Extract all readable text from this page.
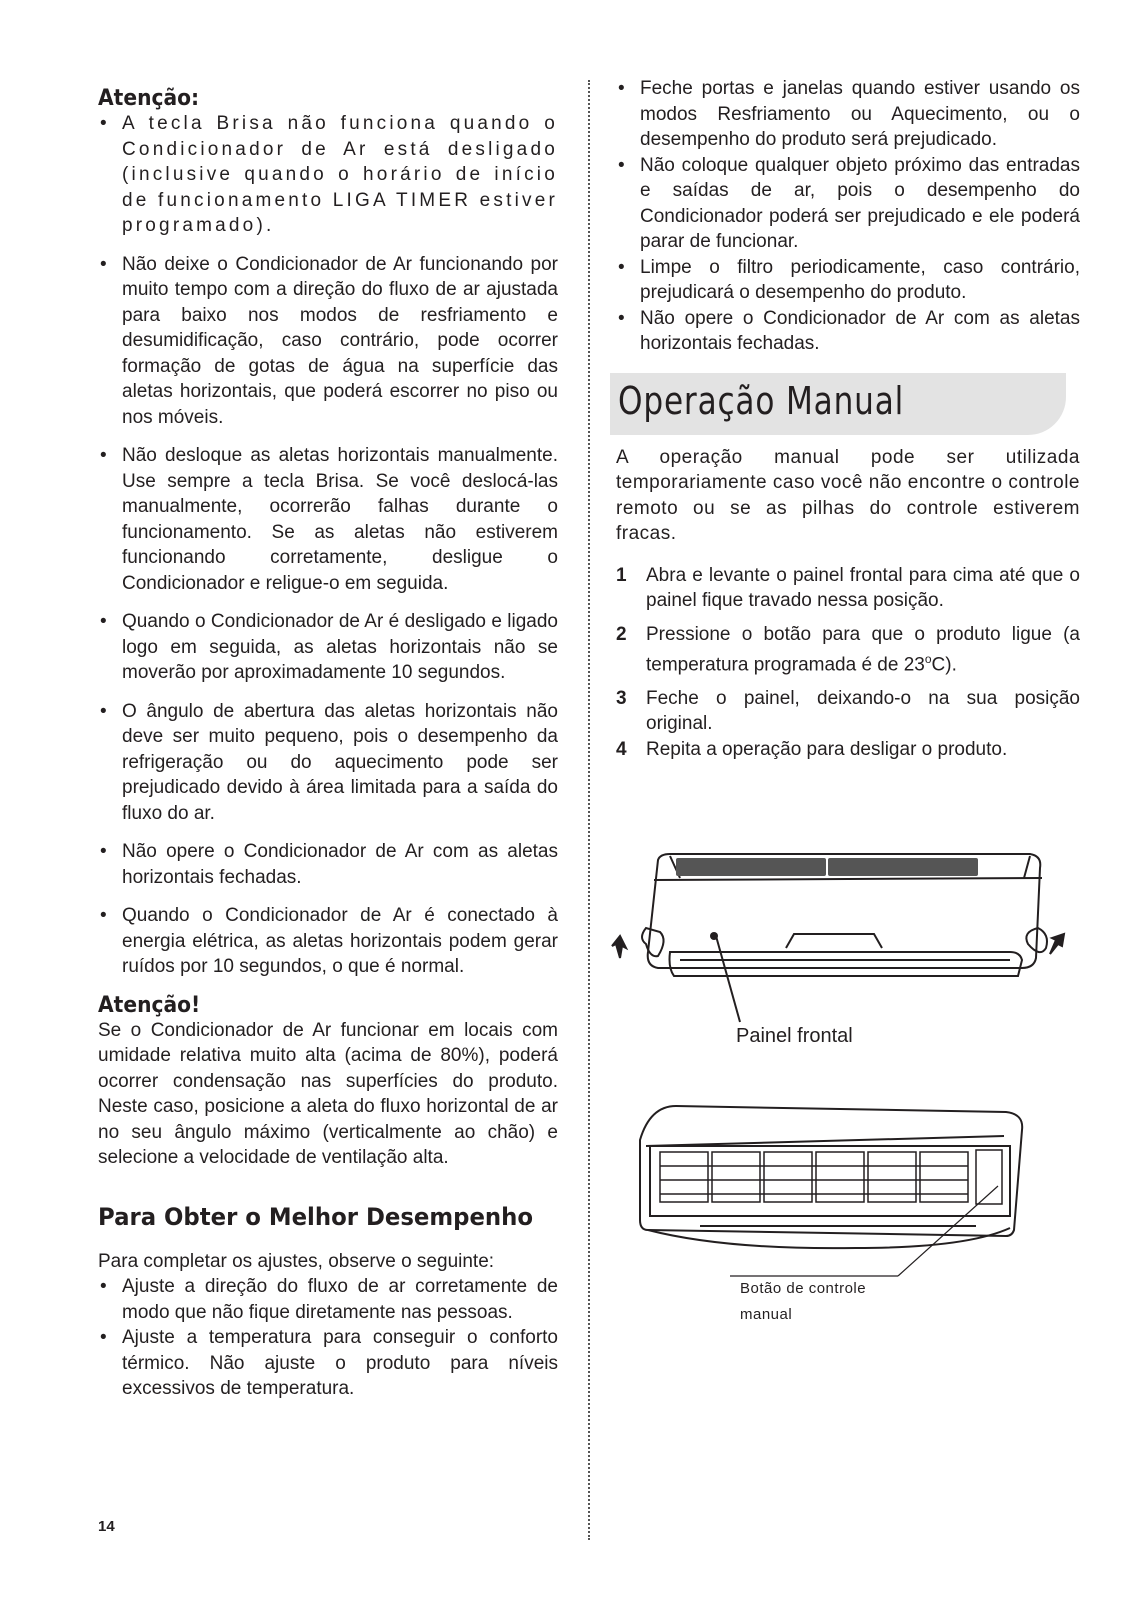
Atenção:
• A tecla Brisa não funciona quando o Condicionador de Ar está desligado (inclusive quando o horário de início de funcionamento LIGA TIMER estiver programado).
• Não deixe o Condicionador de Ar funcionando por muito tempo com a direção do fluxo de ar ajustada para baixo nos modos de resfriamento e desumidificação, caso contrário, pode ocorrer formação de gotas de água na superfície das aletas horizontais, que poderá escorrer no piso ou nos móveis.
• Não desloque as aletas horizontais manualmente. Use sempre a tecla Brisa. Se você deslocá-las manualmente, ocorrerão falhas durante o funcionamento. Se as aletas não estiverem funcionando corretamente, desligue o Condicionador e religue-o em seguida.
• Quando o Condicionador de Ar é desligado e ligado logo em seguida, as aletas horizontais não se moverão por aproximadamente 10 segundos.
• O ângulo de abertura das aletas horizontais não deve ser muito pequeno, pois o desempenho da refrigeração ou do aquecimento pode ser prejudicado devido à área limitada para a saída do fluxo do ar.
• Não opere o Condicionador de Ar com as aletas horizontais fechadas.
• Quando o Condicionador de Ar é conectado à energia elétrica, as aletas horizontais podem gerar ruídos por 10 segundos, o que é normal.
Atenção!

Se o Condicionador de Ar funcionar em locais com umidade relativa muito alta (acima de 80%), poderá ocorrer condensação nas superfícies do produto. Neste caso, posicione a aleta do fluxo horizontal de ar no seu ângulo máximo (verticalmente ao chão) e selecione a velocidade de ventilação alta.

Para Obter o Melhor Desempenho

Para completar os ajustes, observe o seguinte:

• Ajuste a direção do fluxo de ar corretamente de modo que não fique diretamente nas pessoas.
• Ajuste a temperatura para conseguir o conforto térmico. Não ajuste o produto para níveis excessivos de temperatura.
• Feche portas e janelas quando estiver usando os modos Resfriamento ou Aquecimento, ou o desempenho do produto será prejudicado.
• Não coloque qualquer objeto próximo das entradas e saídas de ar, pois o desempenho do Condicionador poderá ser prejudicado e ele poderá parar de funcionar.
• Limpe o filtro periodicamente, caso contrário, prejudicará o desempenho do produto.
• Não opere o Condicionador de Ar com as aletas horizontais fechadas.
Operação Manual

A operação manual pode ser utilizada temporariamente caso você não encontre o controle remoto ou se as pilhas do controle estiverem fracas.

1 Abra e levante o painel frontal para cima até que o painel fique travado nessa posição.
2 Pressione o botão para que o produto ligue (a temperatura programada é de 23$^o$C).
3 Feche o painel, deixando-o na sua posição original.
4 Repita a operação para desligar o produto.
Painel frontal
Botão de controle
manual
14
